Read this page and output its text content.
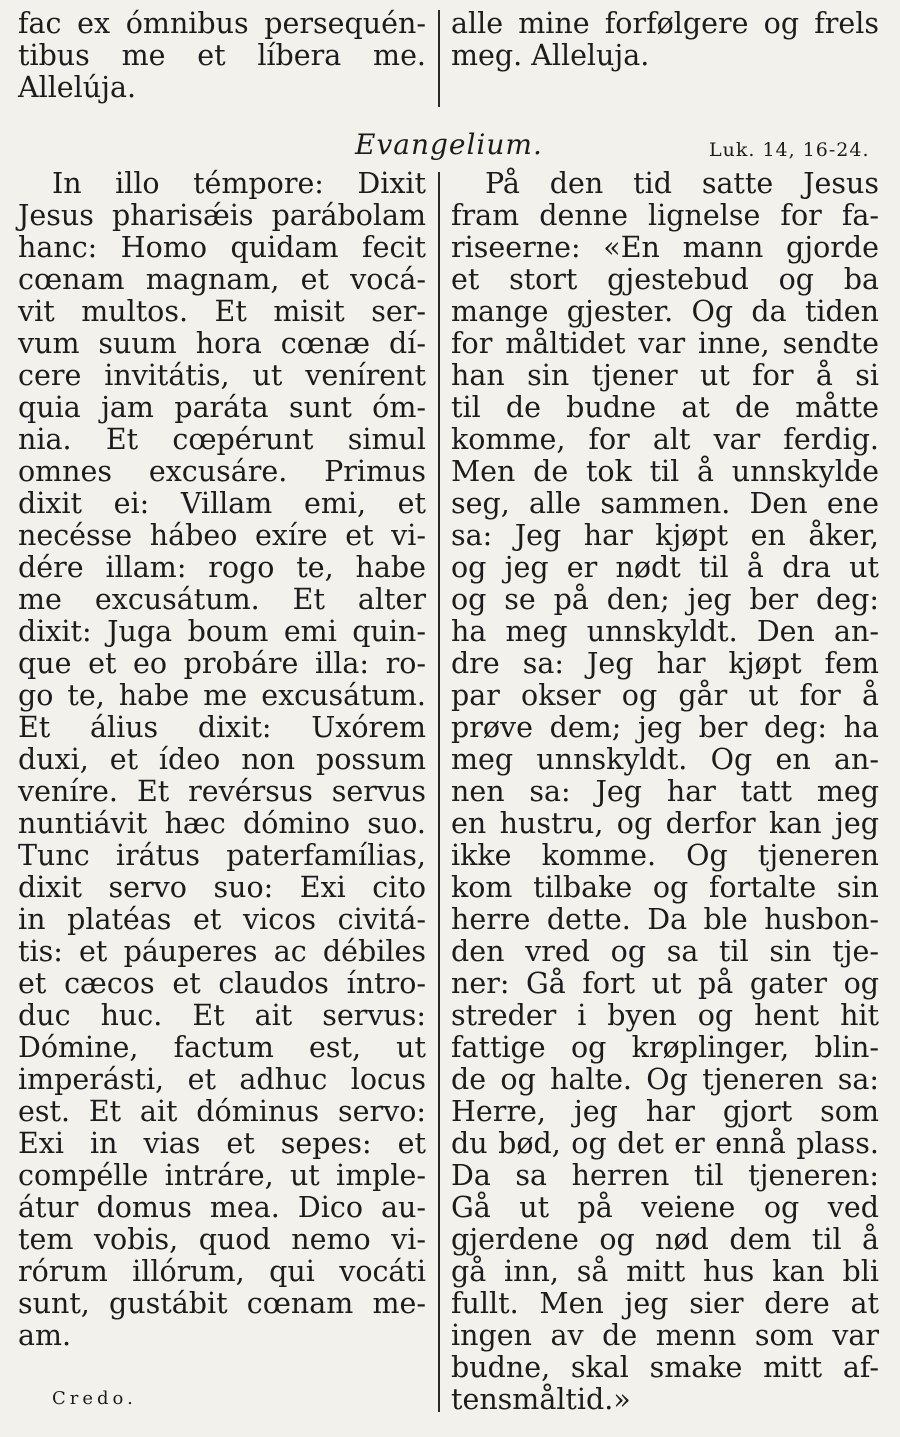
fac ex ómnibus persequén-
tibus me et líbera me.
Allelúja.
alle mine forfølgere og frels
meg. Alleluja.
Evangelium.	Luk. 14, 16-24.
In illo témpore: Dixit
Jesus pharisǽis parábolam
hanc: Homo quidam fecit
cœnam magnam, et vocá-
vit multos. Et misit ser-
vum suum hora cœnæ dí-
cere invitátis, ut venírent
quia jam paráta sunt óm-
nia. Et cœpérunt simul
omnes excusáre. Primus
dixit ei: Villam emi, et
necésse hábeo exíre et vi-
dére illam: rogo te, habe
me excusátum. Et alter
dixit: Juga boum emi quin-
que et eo probáre illa: ro-
go te, habe me excusátum.
Et álius dixit: Uxórem
duxi, et ídeo non possum
veníre. Et revérsus servus
nuntiávit hæc dómino suo.
Tunc irátus paterfamílias,
dixit servo suo: Exi cito
in platéas et vicos civitá-
tis: et páuperes ac débiles
et cæcos et claudos íntro-
duc huc. Et ait servus:
Dómine, factum est, ut
imperásti, et adhuc locus
est. Et ait dóminus servo:
Exi in vias et sepes: et
compélle intráre, ut imple-
átur domus mea. Dico au-
tem vobis, quod nemo vi-
rórum illórum, qui vocáti
sunt, gustábit cœnam me-
am.
På den tid satte Jesus
fram denne lignelse for fa-
riseerne: «En mann gjorde
et stort gjestebud og ba
mange gjester. Og da tiden
for måltidet var inne, sendte
han sin tjener ut for å si
til de budne at de måtte
komme, for alt var ferdig.
Men de tok til å unnskylde
seg, alle sammen. Den ene
sa: Jeg har kjøpt en åker,
og jeg er nødt til å dra ut
og se på den; jeg ber deg:
ha meg unnskyldt. Den an-
dre sa: Jeg har kjøpt fem
par okser og går ut for å
prøve dem; jeg ber deg: ha
meg unnskyldt. Og en an-
nen sa: Jeg har tatt meg
en hustru, og derfor kan jeg
ikke komme. Og tjeneren
kom tilbake og fortalte sin
herre dette. Da ble husbon-
den vred og sa til sin tje-
ner: Gå fort ut på gater og
streder i byen og hent hit
fattige og krøplinger, blin-
de og halte. Og tjeneren sa:
Herre, jeg har gjort som
du bød, og det er ennå plass.
Da sa herren til tjeneren:
Gå ut på veiene og ved
gjerdene og nød dem til å
gå inn, så mitt hus kan bli
fullt. Men jeg sier dere at
ingen av de menn som var
budne, skal smake mitt af-
tensmåltid.»
Credo.
